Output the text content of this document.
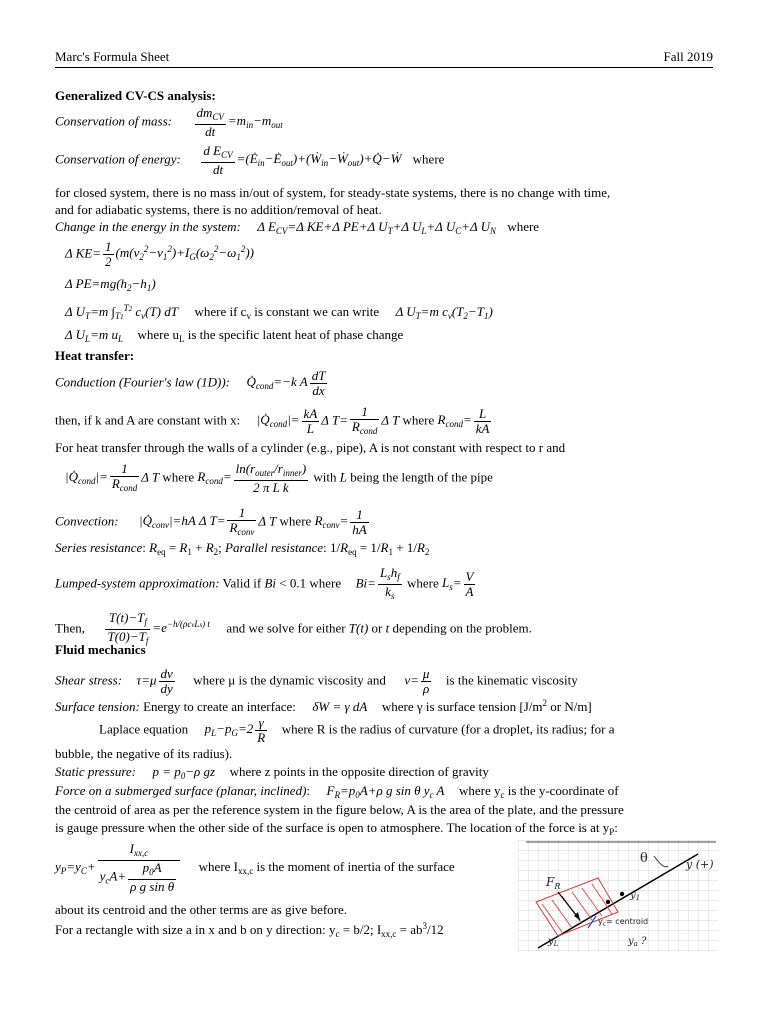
Marc's Formula Sheet	Fall 2019
Generalized CV-CS analysis:
Conservation of mass: $\frac{dm_{CV}}{dt} =m_{in}-m_{out}$
Conservation of energy: $\frac{d E_{CV}}{dt}$ $=(Ė_{in}-Ė_{out})+(Ẇ_{in}-Ẇ_{out})+Q̇-Ẇ$ where
for closed system, there is no mass in/out of system, for steady-state systems, there is no change with time,
and for adiabatic systems, there is no addition/removal of heat.
Change in the energy in the system: Δ $E_{CV}=\Delta$ KE+Δ PE+Δ $U_T+\Delta$ $U_L+\Delta$ $U_C+\Delta$ $U_N$ where
Δ $KE= \frac{1}{2} (m(v_2^2-v_1^2)+I_G(\omega_2^2-\omega_1^2))$
Δ $PE=mg(h_2-h_1)$
Δ $U_T=m$ $\int_{T1}^{T2}$ $c_v(T)$ dT where if $c_v$ is constant we can write Δ $U_T=m$ $c_v(T_2-T_1)$
Δ $U_L=m$ $u_L$ where $u_L$ is the specific latent heat of phase change
Heat transfer:
Conduction (Fourier's law (1D)): $Q̇_{cond}=-k$ A $\frac{dT}{dx}$
then, if k and A are constant with x: $|Q̇_{cond}|= \frac{kA}{L}$ Δ $T= \frac{1}{R_{cond}}$ Δ T where $R_{cond}= \frac{L}{kA}$
For heat transfer through the walls of a cylinder (e.g., pipe), A is not constant with respect to r and
$|Q̇_{cond}|= \frac{1}{R_{cond}}$ Δ T where $R_{cond}= \frac{\ln(r_{outer}/r_{inner})}{\text{2 π L k}}$ with L being the length of the pipe
Convection: $|Q̇_{conv}|=hA$ Δ $T= \frac{1}{R_{conv}}$ Δ T where $R_{conv}= \frac{1}{hA}$
Series resistance: $R_{eq} = R_1 + R_2$; Parallel resistance: $1/R_{eq} = 1/R_1 + 1/R_2$
Lumped-system approximation: Valid if Bi < 0.1 where $Bi= \frac{L_sh_f}{k_s}$ where $L_s= \frac{V}{A}$
Then, $\frac{T(t)-T_f}{T(0)-T_f} =e^{-h/(\rho cvLs) t}$ and we solve for either T(t) or t depending on the problem.
Fluid mechanics
Shear stress: $\tau=\mu \frac{dv}{dy}$ where μ is the dynamic viscosity and $\nu= \frac{\mu}{\rho}$ is the kinematic viscosity
Surface tension: Energy to create an interface: δW = γ dA where γ is surface tension [$J/m^2$ or N/m]
Laplace equation $p_L-p_G=2 \frac{\gamma}{R}$ where R is the radius of curvature (for a droplet, its radius; for a
bubble, the negative of its radius).
Static pressure: $p = p_0-\rho$ gz where z points in the opposite direction of gravity
Force on a submerged surface (planar, inclined):  $F_R=p_0A+\rho$ g sin θ $y_c$ A where $y_c$ is the y-coordinate of
the centroid of area as per the reference system in the figure below, A is the area of the plate, and the pressure
is gauge pressure when the other side of the surface is open to atmosphere. The location of the force is at $y_P$:
$y_P=y_C+ \frac{I_{xx,c}}{y_cA+ \frac{p_0A}{\text{ρ g sin θ}}}$ where $I_{xx,c}$ is the moment of inertia of the surface
about its centroid and the other terms are as give before.
For a rectangle with size a in x and b on y direction: $y_c = b/2$; $I_{xx,c} = ab^3/12$
y (+)
θ
$F_R$
$y_1$
$y_c=$ centroid
$y_L$	$y_a$ ?
